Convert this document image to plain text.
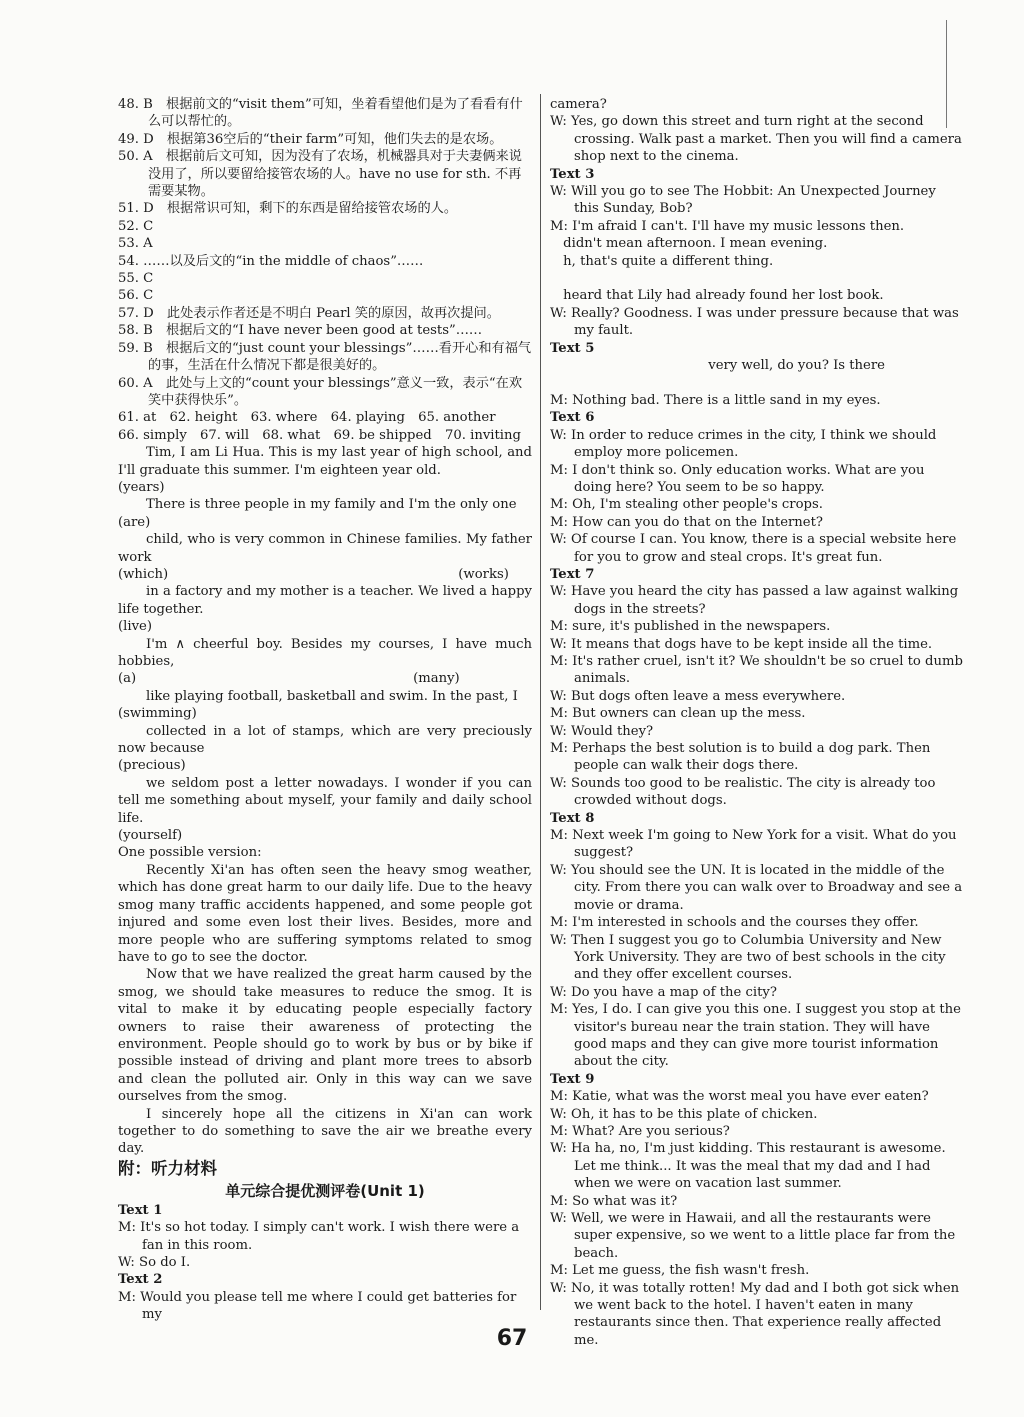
48. B　根据前文的“visit them”可知，坐着看望他们是为了看看有什么可以帮忙的。
49. D　根据第36空后的“their farm”可知，他们失去的是农场。
50. A　根据前后文可知，因为没有了农场，机械器具对于夫妻俩来说没用了，所以要留给接管农场的人。have no use for sth. 不再需要某物。
51. D　根据常识可知，剩下的东西是留给接管农场的人。
52. C
53. A
54. ……以及后文的“in the middle of chaos”……
55. C
56. C
57. D　此处表示作者还是不明白 Pearl 笑的原因，故再次提问。
58. B　根据后文的“I have never been good at tests”……
59. B　根据后文的“just count your blessings”……看开心和有福气的事，生活在什么情况下都是很美好的。
60. A　此处与上文的“count your blessings”意义一致，表示“在欢笑中获得快乐”。
61. at　62. height　63. where　64. playing　65. another
66. simply　67. will　68. what　69. be shipped　70. inviting
Tim, I am Li Hua. This is my last year of high school, and I'll graduate this summer. I'm eighteen year old.
(years)
There is three people in my family and I'm the only one
(are)
child, who is very common in Chinese families. My father work
(which)　　　　　　　　　　　　　　　　　　　　　　(works)
in a factory and my mother is a teacher. We lived a happy life together.
(live)
I'm ∧ cheerful boy. Besides my courses, I have much hobbies,
(a)　　　　　　　　　　　　　　　　　　　　　(many)
like playing football, basketball and swim. In the past, I
(swimming)
collected in a lot of stamps, which are very preciously now because
(precious)
we seldom post a letter nowadays. I wonder if you can tell me something about myself, your family and daily school life.
(yourself)
One possible version:
Recently Xi'an has often seen the heavy smog weather, which has done great harm to our daily life. Due to the heavy smog many traffic accidents happened, and some people got injured and some even lost their lives. Besides, more and more people who are suffering symptoms related to smog have to go to see the doctor.
Now that we have realized the great harm caused by the smog, we should take measures to reduce the smog. It is vital to make it by educating people especially factory owners to raise their awareness of protecting the environment. People should go to work by bus or by bike if possible instead of driving and plant more trees to absorb and clean the polluted air. Only in this way can we save ourselves from the smog.
I sincerely hope all the citizens in Xi'an can work together to do something to save the air we breathe every day.
附：听力材料
单元综合提优测评卷(Unit 1)
Text 1
M: It's so hot today. I simply can't work. I wish there were a fan in this room.
W: So do I.
Text 2
M: Would you please tell me where I could get batteries for my
camera?
W: Yes, go down this street and turn right at the second crossing. Walk past a market. Then you will find a camera shop next to the cinema.
Text 3
W: Will you go to see The Hobbit: An Unexpected Journey this Sunday, Bob?
M: I'm afraid I can't. I'll have my music lessons then.
　didn't mean afternoon. I mean evening.
　h, that's quite a different thing.

　heard that Lily had already found her lost book.
W: Really? Goodness. I was under pressure because that was my fault.
Text 5
　　　　　　　　　　　　very well, do you? Is there

M: Nothing bad. There is a little sand in my eyes.
Text 6
W: In order to reduce crimes in the city, I think we should employ more policemen.
M: I don't think so. Only education works. What are you doing here? You seem to be so happy.
M: Oh, I'm stealing other people's crops.
M: How can you do that on the Internet?
W: Of course I can. You know, there is a special website here for you to grow and steal crops. It's great fun.
Text 7
W: Have you heard the city has passed a law against walking dogs in the streets?
M: sure, it's published in the newspapers.
W: It means that dogs have to be kept inside all the time.
M: It's rather cruel, isn't it? We shouldn't be so cruel to dumb animals.
W: But dogs often leave a mess everywhere.
M: But owners can clean up the mess.
W: Would they?
M: Perhaps the best solution is to build a dog park. Then people can walk their dogs there.
W: Sounds too good to be realistic. The city is already too crowded without dogs.
Text 8
M: Next week I'm going to New York for a visit. What do you suggest?
W: You should see the UN. It is located in the middle of the city. From there you can walk over to Broadway and see a movie or drama.
M: I'm interested in schools and the courses they offer.
W: Then I suggest you go to Columbia University and New York University. They are two of best schools in the city and they offer excellent courses.
W: Do you have a map of the city?
M: Yes, I do. I can give you this one. I suggest you stop at the visitor's bureau near the train station. They will have good maps and they can give more tourist information about the city.
Text 9
M: Katie, what was the worst meal you have ever eaten?
W: Oh, it has to be this plate of chicken.
M: What? Are you serious?
W: Ha ha, no, I'm just kidding. This restaurant is awesome. Let me think... It was the meal that my dad and I had when we were on vacation last summer.
M: So what was it?
W: Well, we were in Hawaii, and all the restaurants were super expensive, so we went to a little place far from the beach.
M: Let me guess, the fish wasn't fresh.
W: No, it was totally rotten! My dad and I both got sick when we went back to the hotel. I haven't eaten in many restaurants since then. That experience really affected me.
67
